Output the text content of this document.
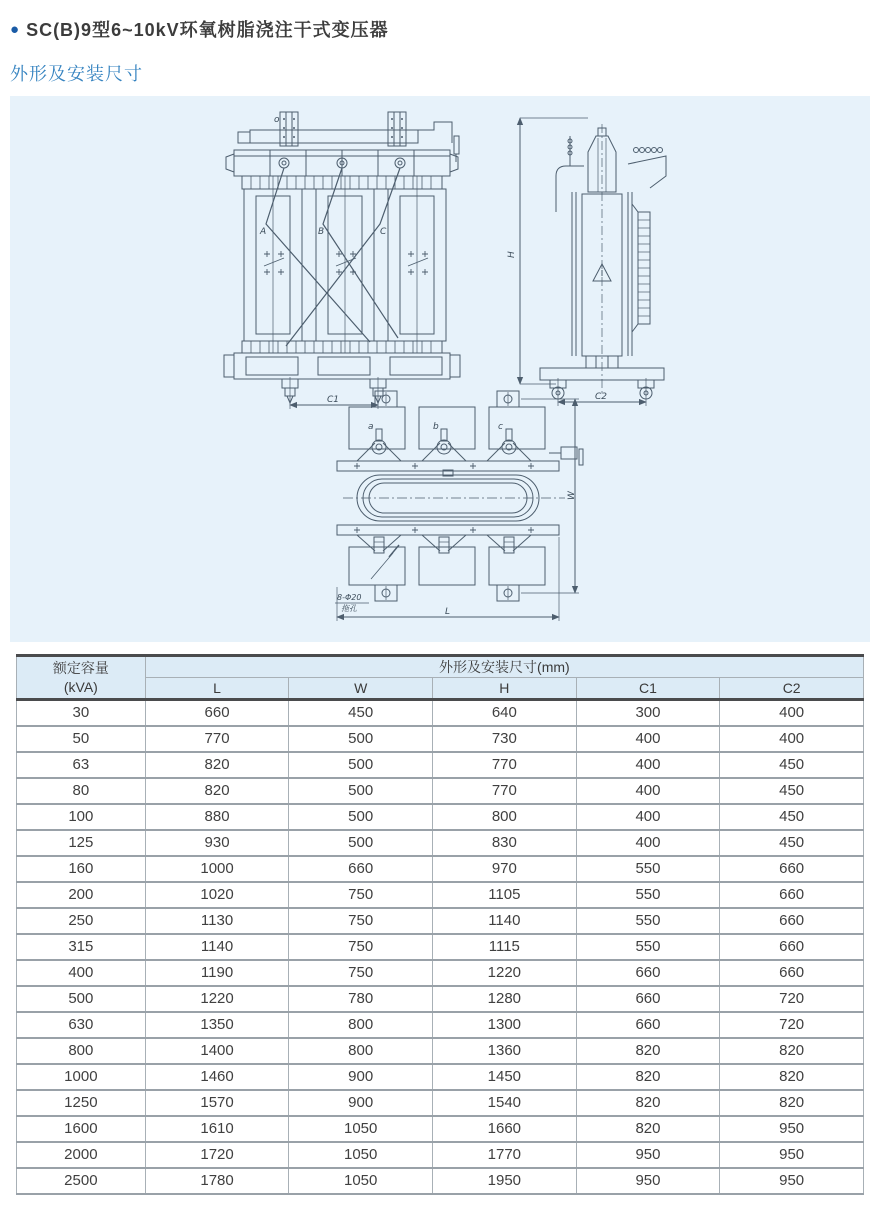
● SC(B)9型6~10kV环氧树脂浇注干式变压器
外形及安装尺寸
o
A	B	C
C1
H
C2
a	b	c
W
L
8-Φ20
拖孔
额定容量
(kVA)	外形及安装尺寸(mm)				
	L	W	H	C1	C2
30	660	450	640	300	400
50	770	500	730	400	400
63	820	500	770	400	450
80	820	500	770	400	450
100	880	500	800	400	450
125	930	500	830	400	450
160	1000	660	970	550	660
200	1020	750	1105	550	660
250	1130	750	1140	550	660
315	1140	750	1115	550	660
400	1190	750	1220	660	660
500	1220	780	1280	660	720
630	1350	800	1300	660	720
800	1400	800	1360	820	820
1000	1460	900	1450	820	820
1250	1570	900	1540	820	820
1600	1610	1050	1660	820	950
2000	1720	1050	1770	950	950
2500	1780	1050	1950	950	950
